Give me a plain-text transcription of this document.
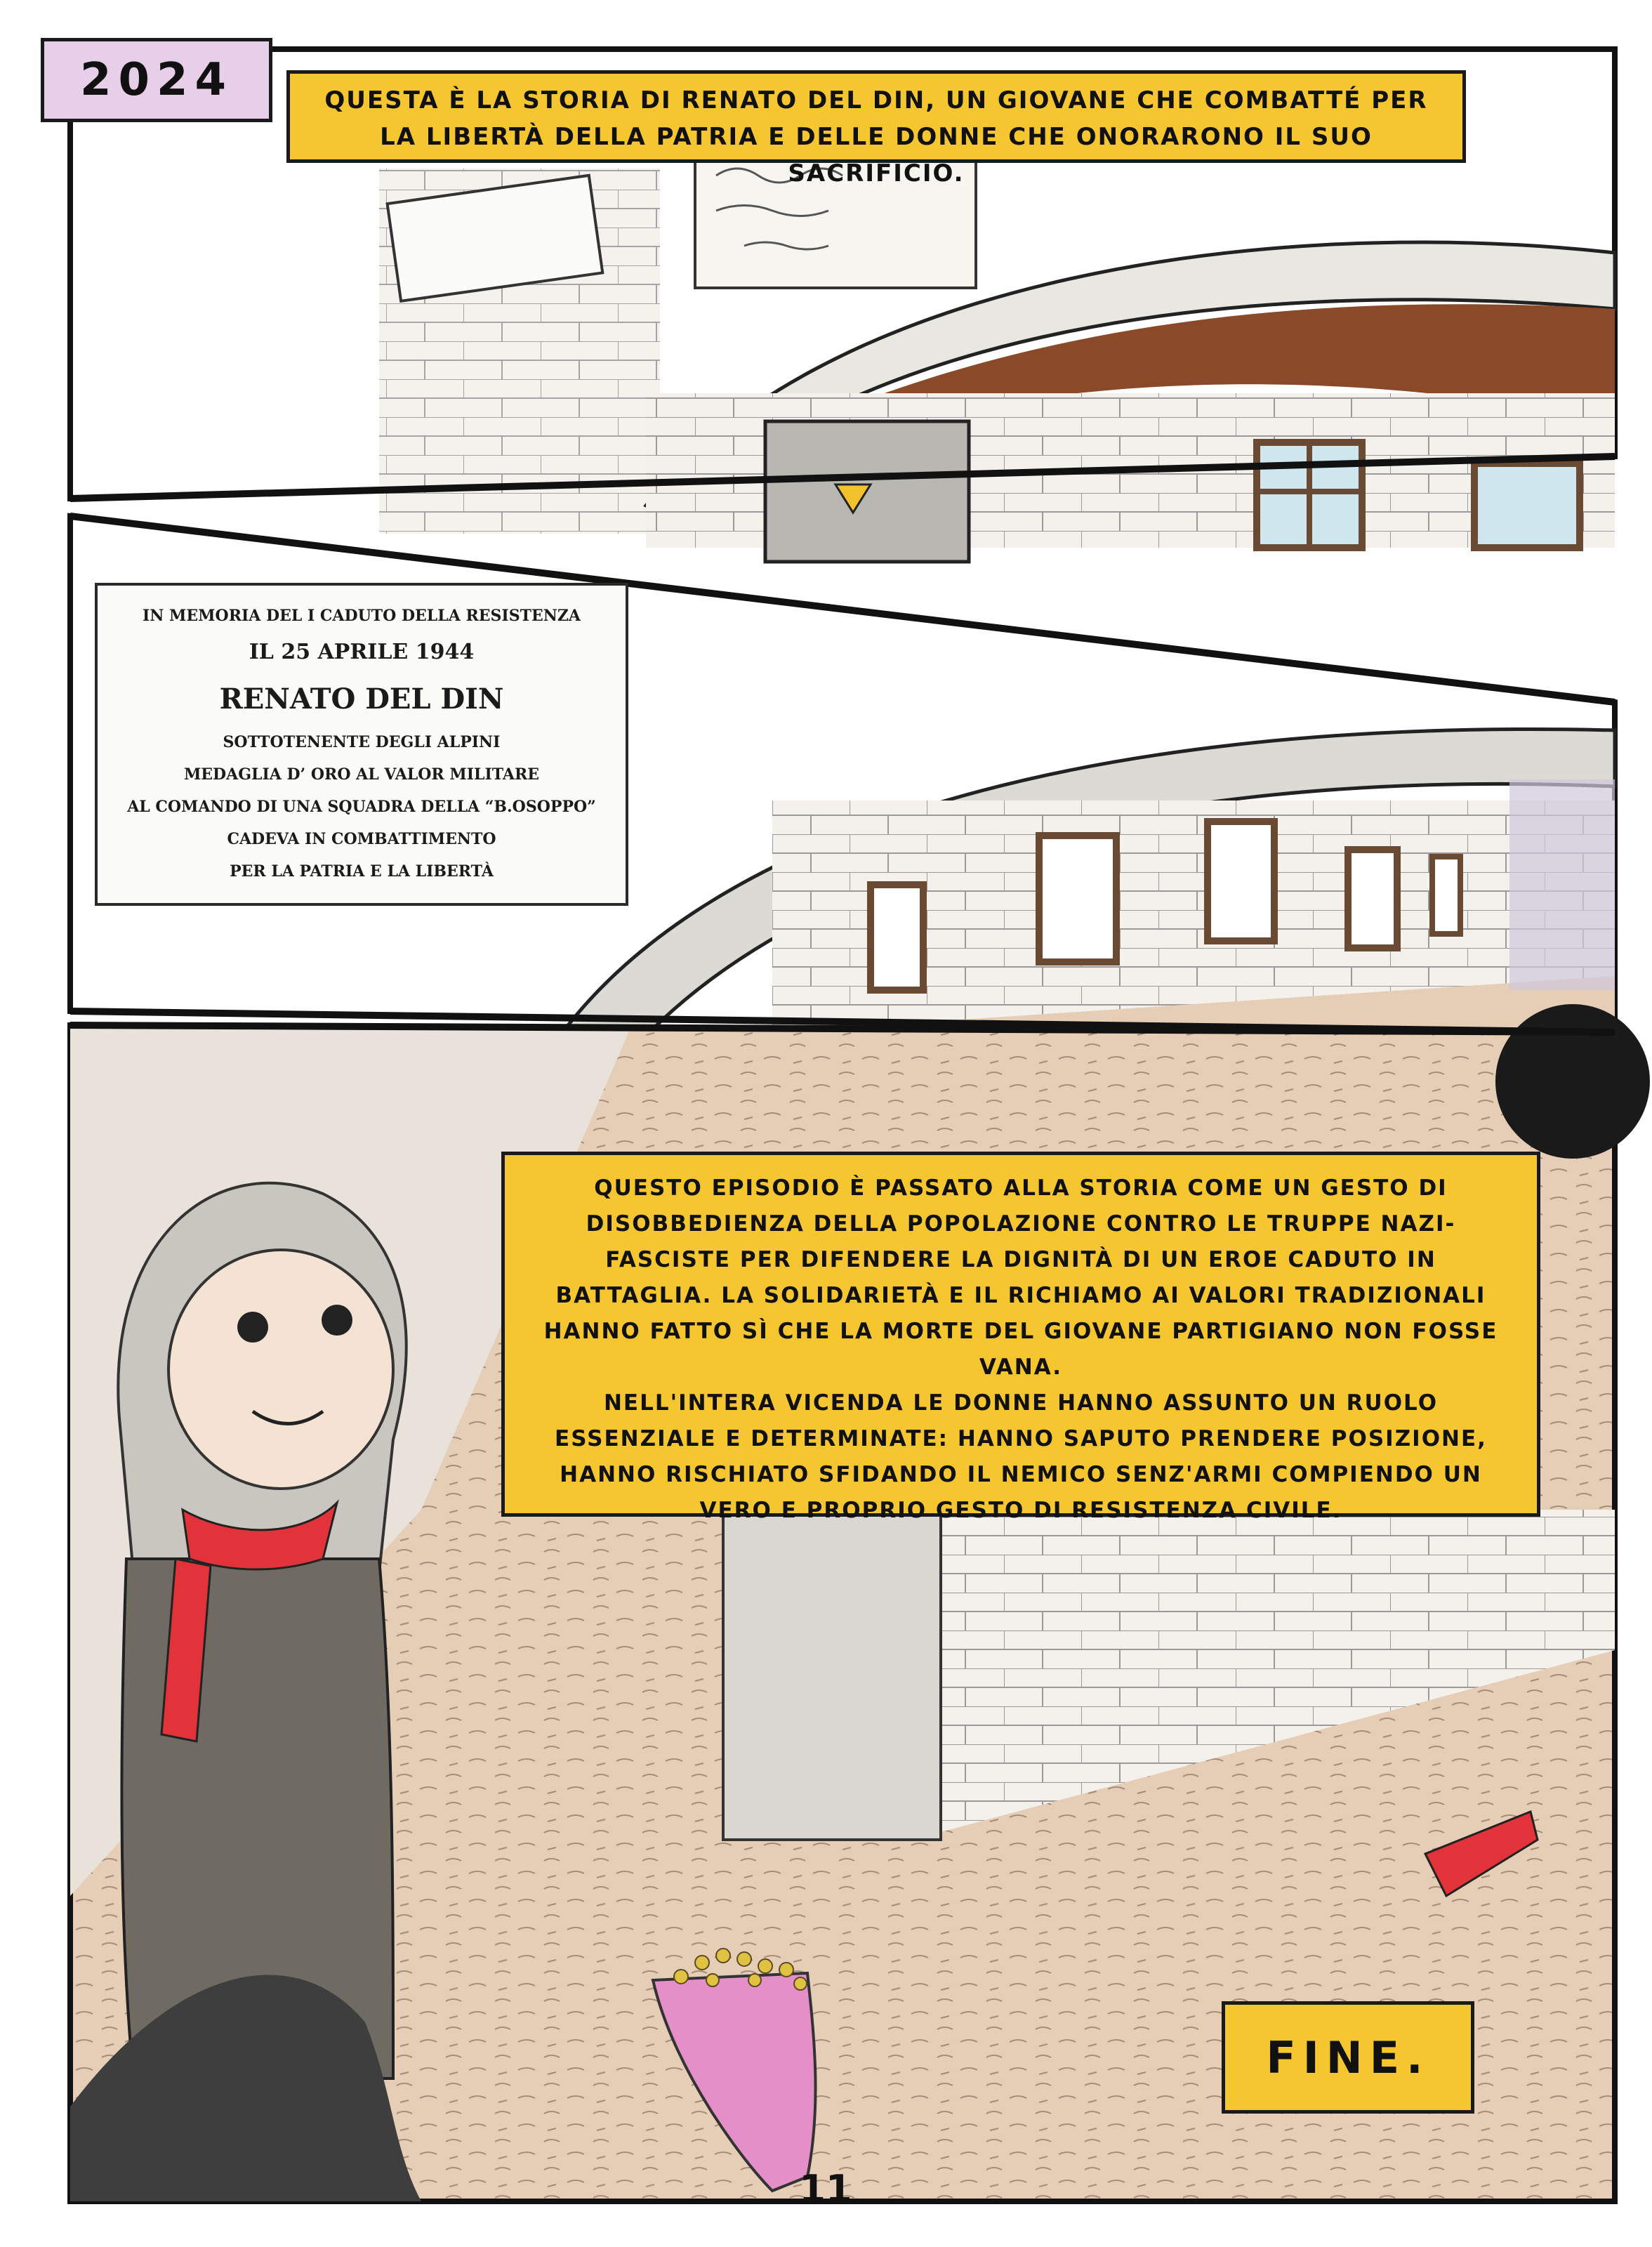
2024	QUESTA È LA STORIA DI RENATO DEL DIN, UN GIOVANE CHE COMBATTÉ PER LA LIBERTÀ DELLA PATRIA E DELLE DONNE CHE ONORARONO IL SUO SACRIFICIO.

IN MEMORIA DEL I CADUTO DELLA RESISTENZA
IL 25 APRILE 1944
RENATO DEL DIN
SOTTOTENENTE DEGLI ALPINI
MEDAGLIA D’ ORO AL VALOR MILITARE
AL COMANDO DI UNA SQUADRA DELLA “B.OSOPPO”
CADEVA IN COMBATTIMENTO
PER LA PATRIA E LA LIBERTÀ

QUESTO EPISODIO È PASSATO ALLA STORIA COME UN GESTO DI DISOBBEDIENZA DELLA POPOLAZIONE CONTRO LE TRUPPE NAZI-FASCISTE PER DIFENDERE LA DIGNITÀ DI UN EROE CADUTO IN BATTAGLIA. LA SOLIDARIETÀ E IL RICHIAMO AI VALORI TRADIZIONALI HANNO FATTO SÌ CHE LA MORTE DEL GIOVANE PARTIGIANO NON FOSSE VANA.

NELL'INTERA VICENDA LE DONNE HANNO ASSUNTO UN RUOLO ESSENZIALE E DETERMINATE: HANNO SAPUTO PRENDERE POSIZIONE, HANNO RISCHIATO SFIDANDO IL NEMICO SENZ'ARMI COMPIENDO UN VERO E PROPRIO GESTO DI RESISTENZA CIVILE.

FINE.
11
